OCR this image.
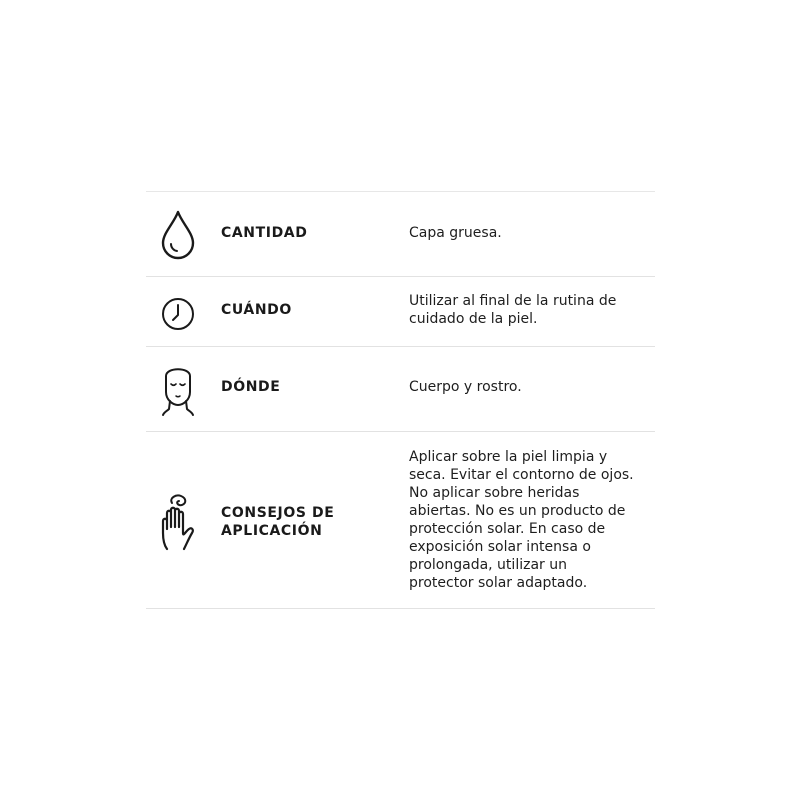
CANTIDAD	Capa gruesa.
CUÁNDO
Utilizar al final de la rutina de
cuidado de la piel.
DÓNDE	Cuerpo y rostro.
CONSEJOS DE
APLICACIÓN
Aplicar sobre la piel limpia y
seca. Evitar el contorno de ojos.
No aplicar sobre heridas
abiertas. No es un producto de
protección solar. En caso de
exposición solar intensa o
prolongada, utilizar un
protector solar adaptado.
